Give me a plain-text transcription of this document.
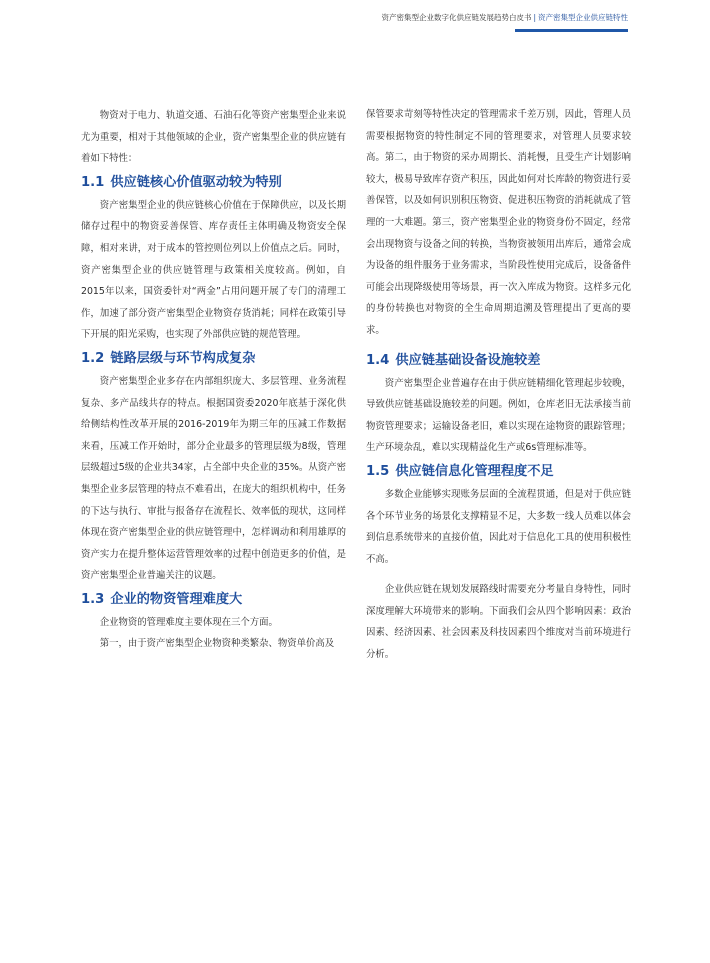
资产密集型企业数字化供应链发展趋势白皮书 | 资产密集型企业供应链特性

物资对于电力、轨道交通、石油石化等资产密集型企业来说尤为重要，相对于其他领域的企业，资产密集型企业的供应链有着如下特性：

1.1 供应链核心价值驱动较为特别

资产密集型企业的供应链核心价值在于保障供应，以及长期储存过程中的物资妥善保管、库存责任主体明确及物资安全保障，相对来讲，对于成本的管控则位列以上价值点之后。同时，资产密集型企业的供应链管理与政策相关度较高。例如，自2015年以来，国资委针对“两金”占用问题开展了专门的清理工作，加速了部分资产密集型企业物资存货消耗；同样在政策引导下开展的阳光采购，也实现了外部供应链的规范管理。

1.2 链路层级与环节构成复杂

资产密集型企业多存在内部组织庞大、多层管理、业务流程复杂、多产品线共存的特点。根据国资委2020年底基于深化供给侧结构性改革开展的2016-2019年为期三年的压减工作数据来看，压减工作开始时，部分企业最多的管理层级为8级，管理层级超过5级的企业共34家，占全部中央企业的35%。从资产密集型企业多层管理的特点不难看出，在庞大的组织机构中，任务的下达与执行、审批与报备存在流程长、效率低的现状，这同样体现在资产密集型企业的供应链管理中，怎样调动和利用雄厚的资产实力在提升整体运营管理效率的过程中创造更多的价值，是资产密集型企业普遍关注的议题。

1.3 企业的物资管理难度大

企业物资的管理难度主要体现在三个方面。

第一，由于资产密集型企业物资种类繁杂、物资单价高及

保管要求苛刻等特性决定的管理需求千差万别，因此，管理人员需要根据物资的特性制定不同的管理要求，对管理人员要求较高。第二，由于物资的采办周期长、消耗慢，且受生产计划影响较大，极易导致库存资产积压，因此如何对长库龄的物资进行妥善保管，以及如何识别积压物资、促进积压物资的消耗就成了管理的一大难题。第三，资产密集型企业的物资身份不固定，经常会出现物资与设备之间的转换，当物资被领用出库后，通常会成为设备的组件服务于业务需求，当阶段性使用完成后，设备备件可能会出现降级使用等场景，再一次入库成为物资。这样多元化的身份转换也对物资的全生命周期追溯及管理提出了更高的要求。

1.4 供应链基础设备设施较差

资产密集型企业普遍存在由于供应链精细化管理起步较晚，导致供应链基础设施较差的问题。例如，仓库老旧无法承接当前物资管理要求；运输设备老旧，难以实现在途物资的跟踪管理；生产环境杂乱，难以实现精益化生产或6s管理标准等。

1.5 供应链信息化管理程度不足

多数企业能够实现账务层面的全流程贯通，但是对于供应链各个环节业务的场景化支撑精显不足，大多数一线人员难以体会到信息系统带来的直接价值，因此对于信息化工具的使用积极性不高。

企业供应链在规划发展路线时需要充分考量自身特性，同时深度理解大环境带来的影响。下面我们会从四个影响因素：政治因素、经济因素、社会因素及科技因素四个维度对当前环境进行分析。
